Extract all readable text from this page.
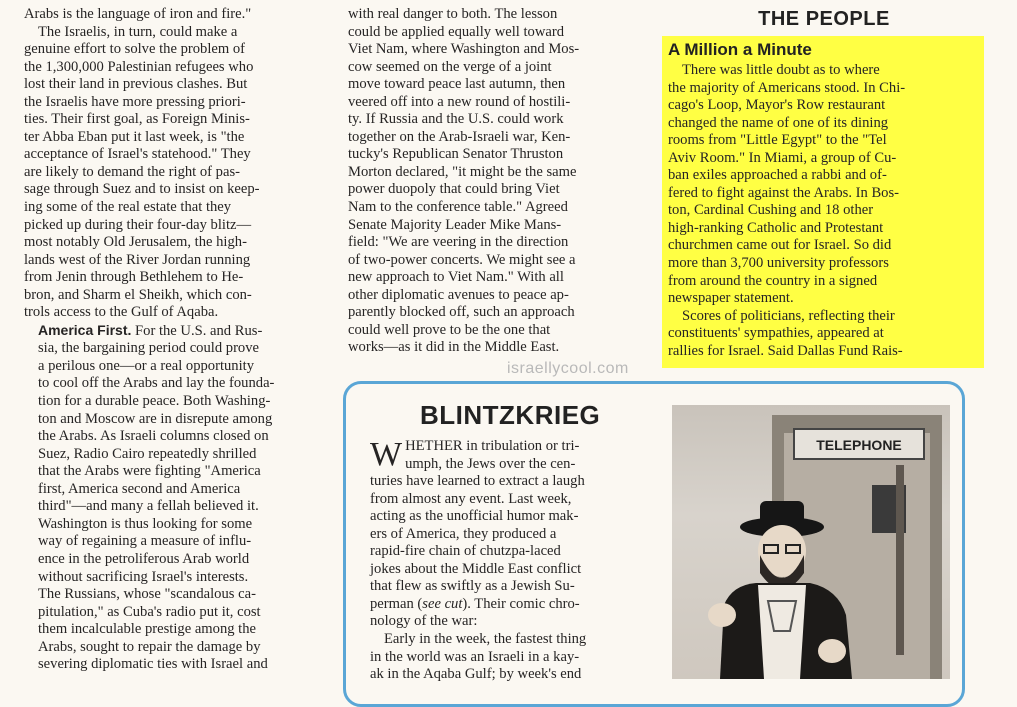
Arabs is the language of iron and fire."
The Israelis, in turn, could make a
genuine effort to solve the problem of
the 1,300,000 Palestinian refugees who
lost their land in previous clashes. But
the Israelis have more pressing priori-
ties. Their first goal, as Foreign Minis-
ter Abba Eban put it last week, is "the
acceptance of Israel's statehood." They
are likely to demand the right of pas-
sage through Suez and to insist on keep-
ing some of the real estate that they
picked up during their four-day blitz—
most notably Old Jerusalem, the high-
lands west of the River Jordan running
from Jenin through Bethlehem to He-
bron, and Sharm el Sheikh, which con-
trols access to the Gulf of Aqaba.

America First. For the U.S. and Rus-
sia, the bargaining period could prove
a perilous one—or a real opportunity
to cool off the Arabs and lay the founda-
tion for a durable peace. Both Washing-
ton and Moscow are in disrepute among
the Arabs. As Israeli columns closed on
Suez, Radio Cairo repeatedly shrilled
that the Arabs were fighting "America
first, America second and America
third"—and many a fellah believed it.
Washington is thus looking for some
way of regaining a measure of influ-
ence in the petroliferous Arab world
without sacrificing Israel's interests.
The Russians, whose "scandalous ca-
pitulation," as Cuba's radio put it, cost
them incalculable prestige among the
Arabs, sought to repair the damage by
severing diplomatic ties with Israel and

with real danger to both. The lesson
could be applied equally well toward
Viet Nam, where Washington and Mos-
cow seemed on the verge of a joint
move toward peace last autumn, then
veered off into a new round of hostili-
ty. If Russia and the U.S. could work
together on the Arab-Israeli war, Ken-
tucky's Republican Senator Thruston
Morton declared, "it might be the same
power duopoly that could bring Viet
Nam to the conference table." Agreed
Senate Majority Leader Mike Mans-
field: "We are veering in the direction
of two-power concerts. We might see a
new approach to Viet Nam." With all
other diplomatic avenues to peace ap-
parently blocked off, such an approach
could well prove to be the one that
works—as it did in the Middle East.

THE PEOPLE
A Million a Minute

There was little doubt as to where
the majority of Americans stood. In Chi-
cago's Loop, Mayor's Row restaurant
changed the name of one of its dining
rooms from "Little Egypt" to the "Tel
Aviv Room." In Miami, a group of Cu-
ban exiles approached a rabbi and of-
fered to fight against the Arabs. In Bos-
ton, Cardinal Cushing and 18 other
high-ranking Catholic and Protestant
churchmen came out for Israel. So did
more than 3,700 university professors
from around the country in a signed
newspaper statement.
Scores of politicians, reflecting their
constituents' sympathies, appeared at
rallies for Israel. Said Dallas Fund Rais-

israellycool.com
BLINTZKRIEG

W HETHER in tribulation or tri-
umph, the Jews over the cen-
turies have learned to extract a laugh
from almost any event. Last week,
acting as the unofficial humor mak-
ers of America, they produced a
rapid-fire chain of chutzpa-laced
jokes about the Middle East conflict
that flew as swiftly as a Jewish Su-
perman (see cut). Their comic chro-
nology of the war:
Early in the week, the fastest thing
in the world was an Israeli in a kay-
ak in the Aqaba Gulf; by week's end

TELEPHONE
